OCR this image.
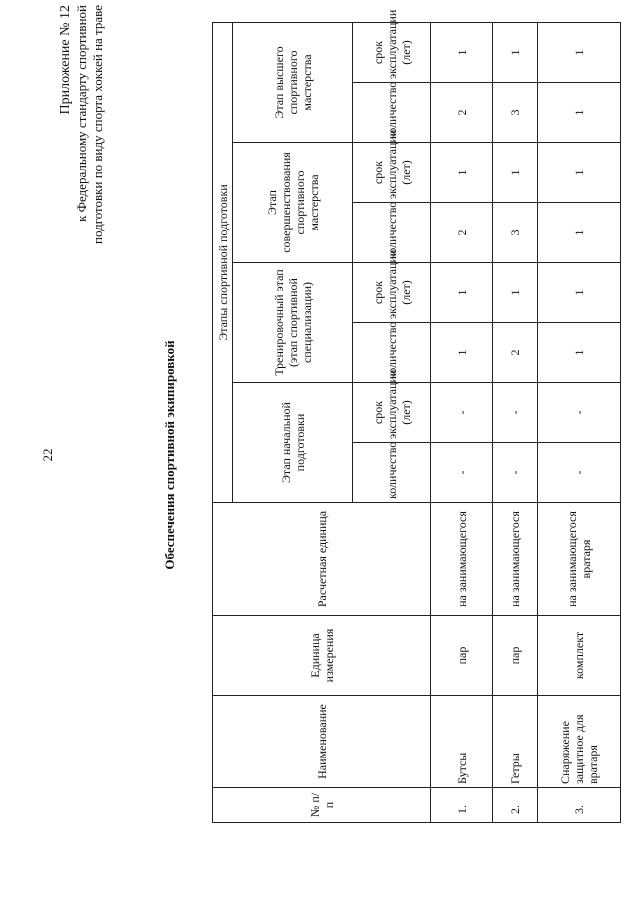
22
Приложение № 12 к Федеральному стандарту спортивной подготовки по виду спорта хоккей на траве
Обеспечения спортивной экипировкой
№ п/п	Наименование	Единица измерения	Расчетная единица	Этапы спортивной подготовки							
				Этап начальной подготовки		Тренировочный этап (этап спортивной специализации)		Этап совершенствования спортивного мастерства		Этап высшего спортивного мастерства	
				количество	срок эксплуатации (лет)	количество	срок эксплуатации (лет)	количество	срок эксплуатации (лет)	количество	срок эксплуатации (лет)
1.	Бутсы	пар	на занимающегося	-	-	1	1	2	1	2	1
2.	Гетры	пар	на занимающегося	-	-	2	1	3	1	3	1
3.	Снаряжение защитное для вратаря	комплект	на занимающегося вратаря	-	-	1	1	1	1	1	1
